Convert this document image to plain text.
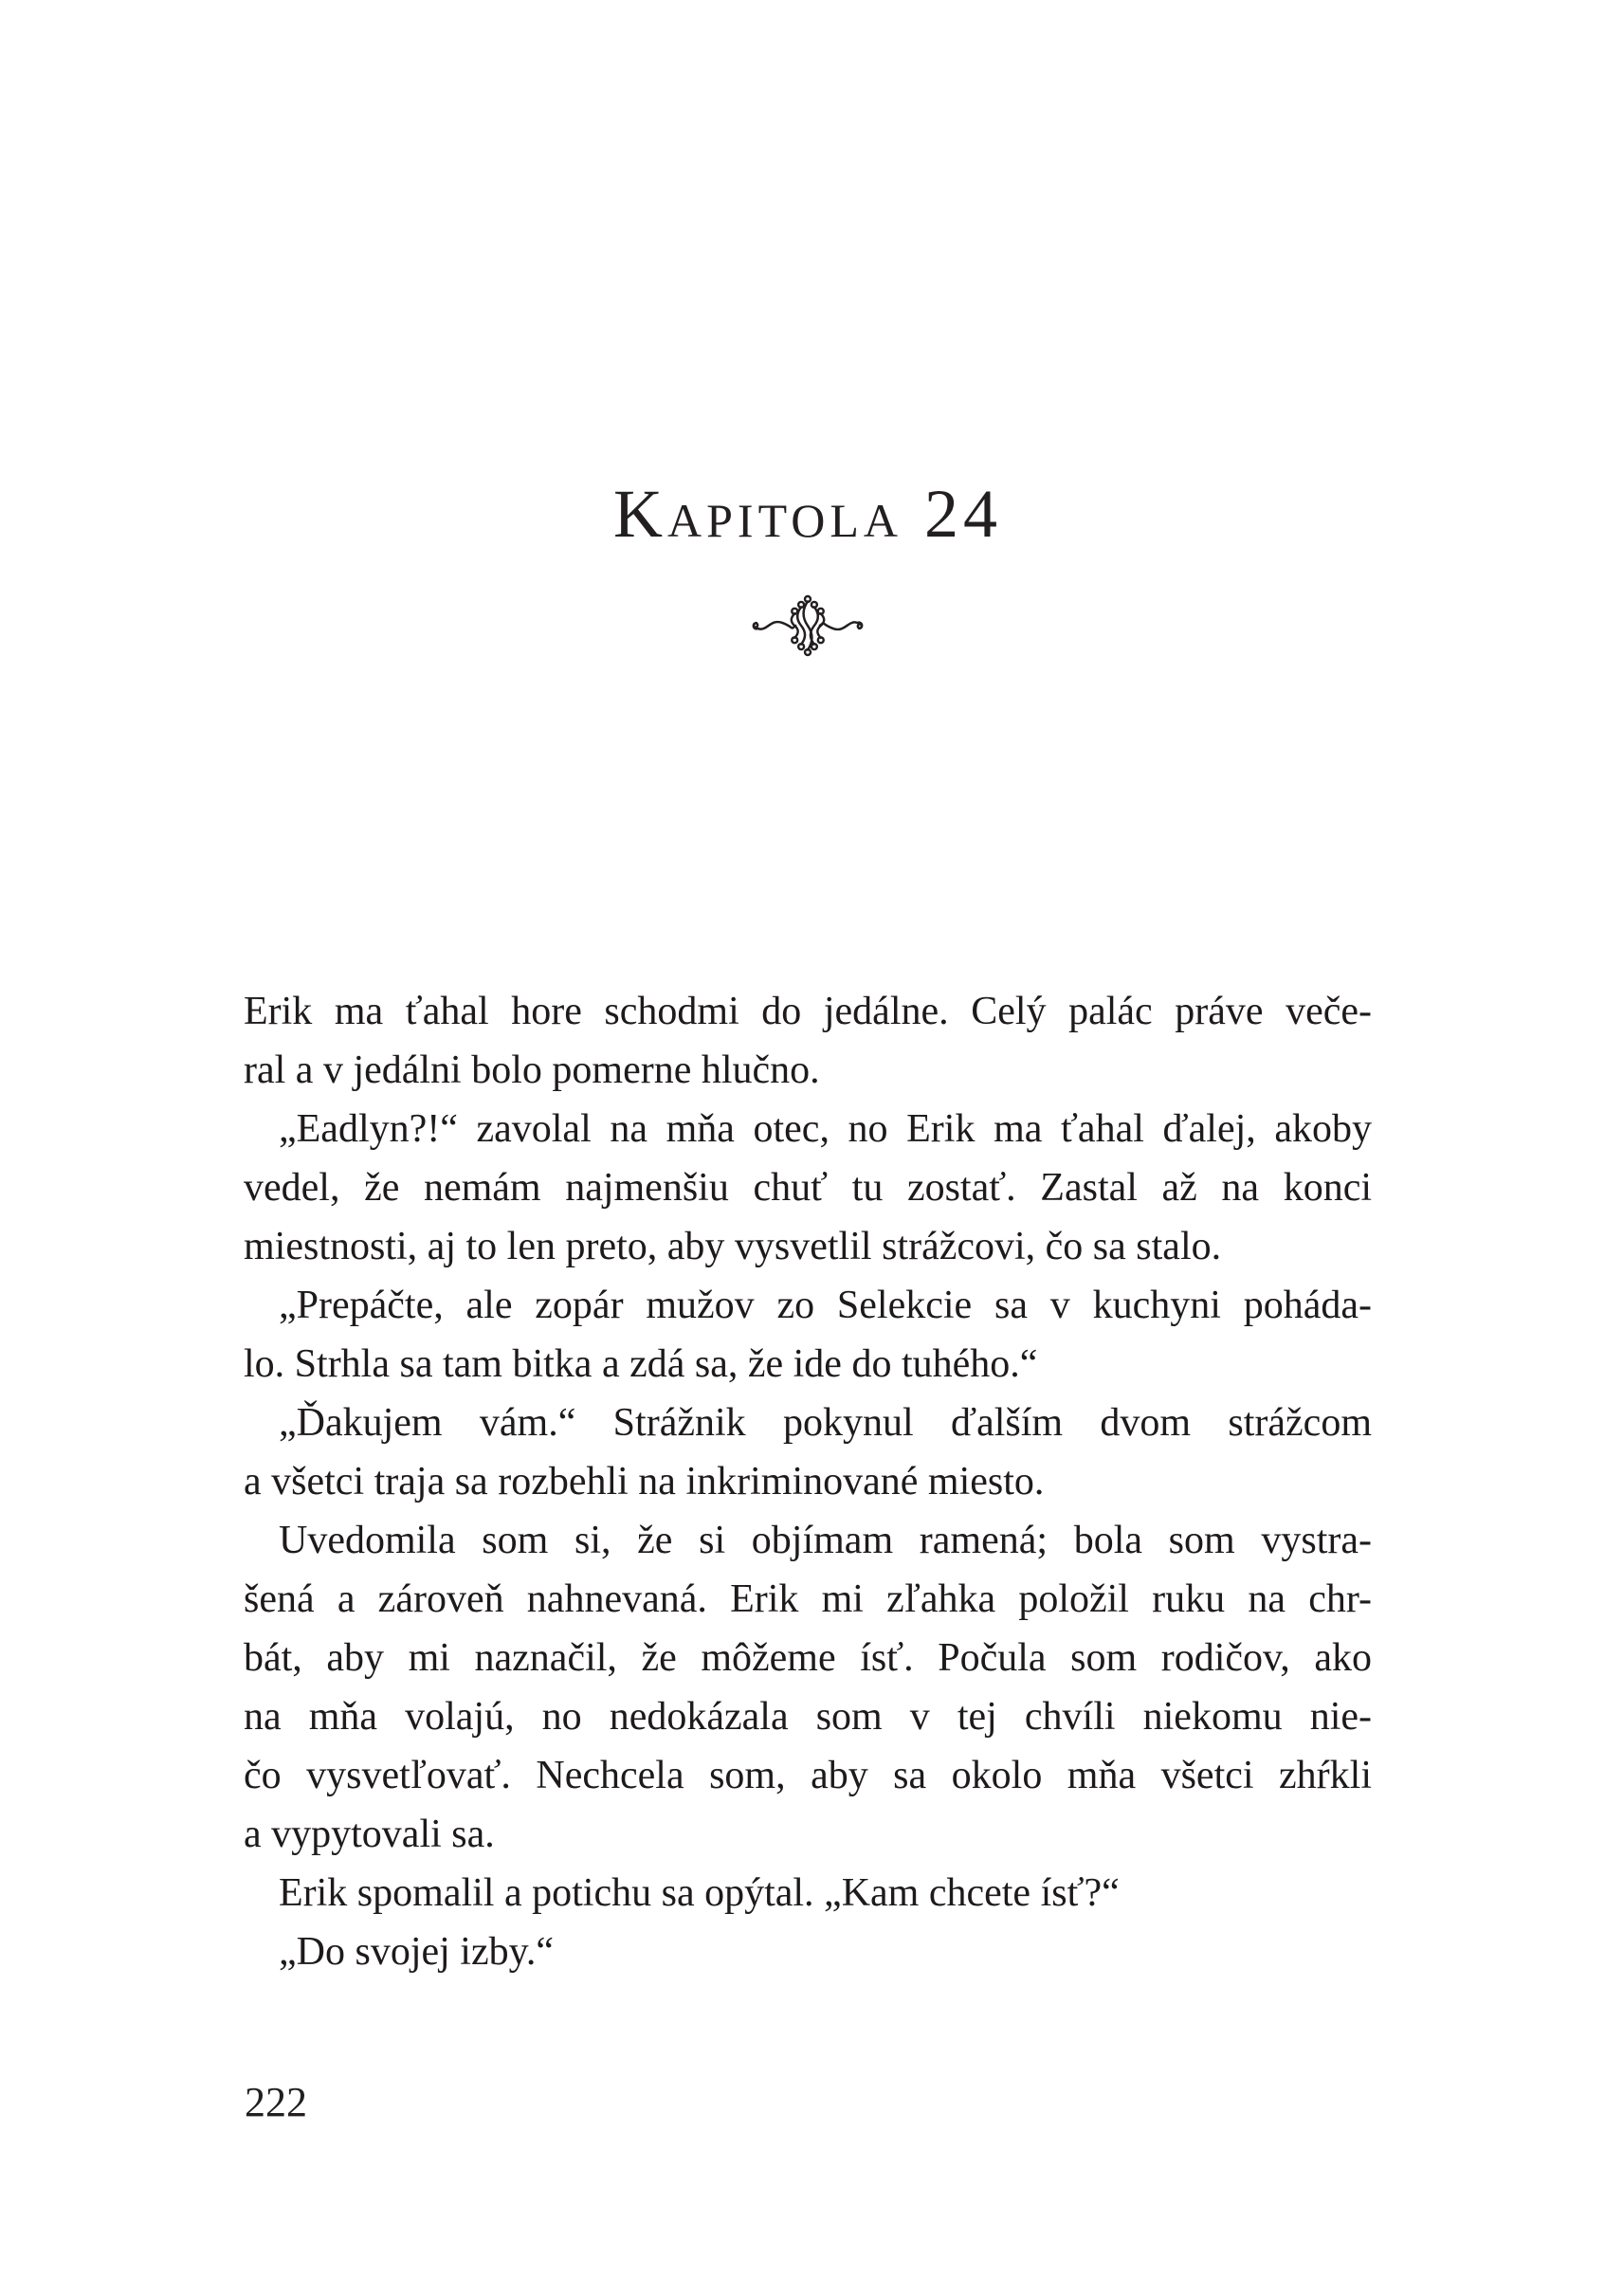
Kapitola 24
Erik ma ťahal hore schodmi do jedálne. Celý palác práve veče-
ral a v jedálni bolo pomerne hlučno.
„Eadlyn?!“ zavolal na mňa otec, no Erik ma ťahal ďalej, akoby
vedel, že nemám najmenšiu chuť tu zostať. Zastal až na konci
miestnosti, aj to len preto, aby vysvetlil strážcovi, čo sa stalo.
„Prepáčte, ale zopár mužov zo Selekcie sa v kuchyni poháda-
lo. Strhla sa tam bitka a zdá sa, že ide do tuhého.“
„Ďakujem vám.“ Strážnik pokynul ďalším dvom strážcom
a všetci traja sa rozbehli na inkriminované miesto.
Uvedomila som si, že si objímam ramená; bola som vystra-
šená a zároveň nahnevaná. Erik mi zľahka položil ruku na chr-
bát, aby mi naznačil, že môžeme ísť. Počula som rodičov, ako
na mňa volajú, no nedokázala som v tej chvíli niekomu nie-
čo vysvetľovať. Nechcela som, aby sa okolo mňa všetci zhŕkli
a vypytovali sa.
Erik spomalil a potichu sa opýtal. „Kam chcete ísť?“
„Do svojej izby.“
222
